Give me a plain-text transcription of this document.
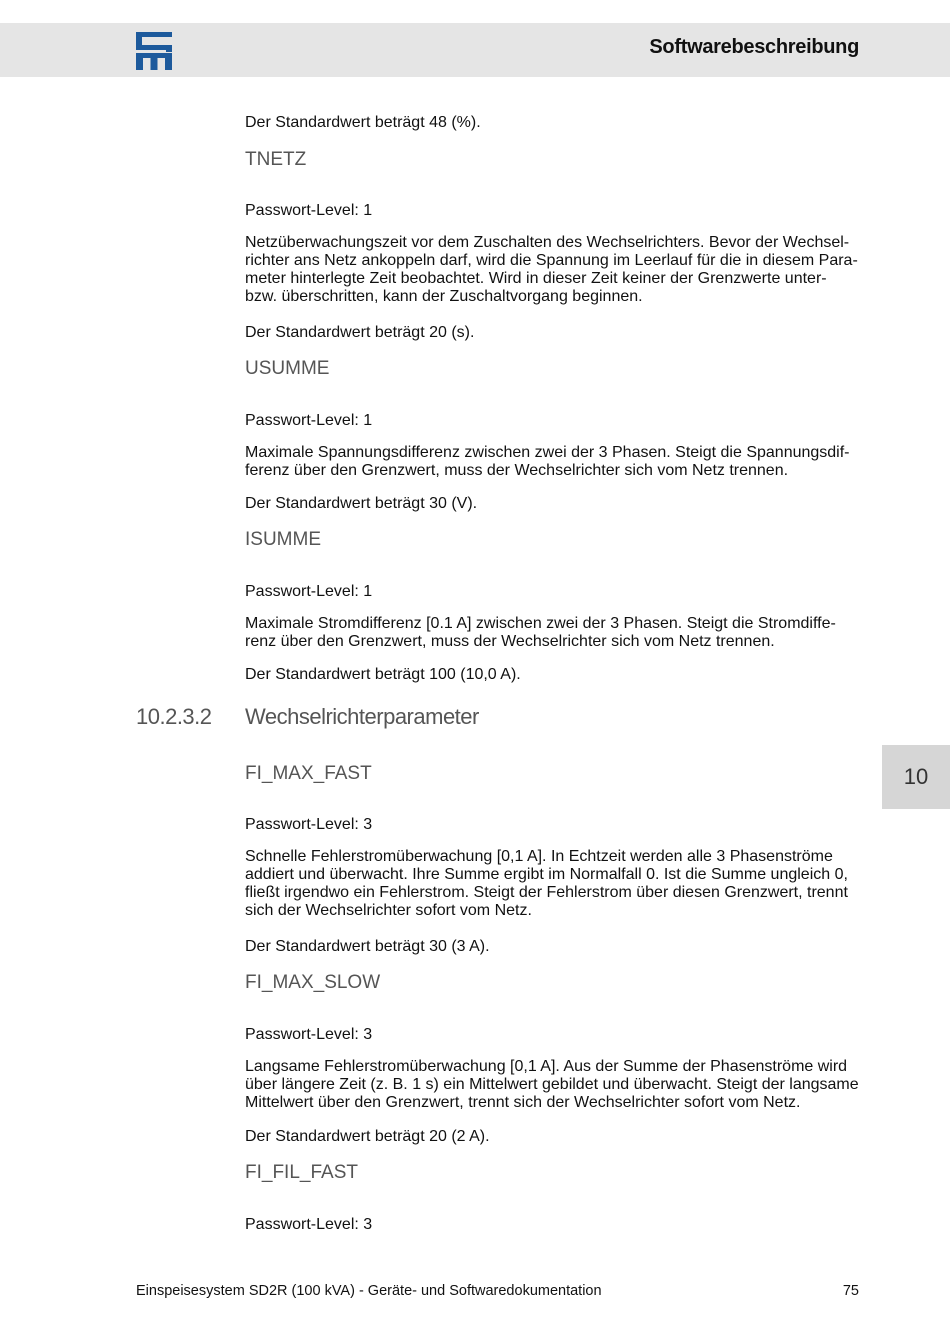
Softwarebeschreibung

Der Standardwert beträgt 48 (%).

TNETZ

Passwort-Level: 1

Netzüberwachungszeit vor dem Zuschalten des Wechselrichters. Bevor der Wechsel-richter ans Netz ankoppeln darf, wird die Spannung im Leerlauf für die in diesem Para-meter hinterlegte Zeit beobachtet. Wird in dieser Zeit keiner der Grenzwerte unter- bzw. überschritten, kann der Zuschaltvorgang beginnen.

Der Standardwert beträgt 20 (s).

USUMME

Passwort-Level: 1

Maximale Spannungsdifferenz zwischen zwei der 3 Phasen. Steigt die Spannungsdif-ferenz über den Grenzwert, muss der Wechselrichter sich vom Netz trennen.

Der Standardwert beträgt 30 (V).

ISUMME

Passwort-Level: 1

Maximale Stromdifferenz [0.1 A] zwischen zwei der 3 Phasen. Steigt die Stromdiffe-renz über den Grenzwert, muss der Wechselrichter sich vom Netz trennen.

Der Standardwert beträgt 100 (10,0 A).

10.2.3.2 Wechselrichterparameter
FI_MAX_FAST

Passwort-Level: 3

Schnelle Fehlerstromüberwachung [0,1 A]. In Echtzeit werden alle 3 Phasenströme addiert und überwacht. Ihre Summe ergibt im Normalfall 0. Ist die Summe ungleich 0, fließt irgendwo ein Fehlerstrom. Steigt der Fehlerstrom über diesen Grenzwert, trennt sich der Wechselrichter sofort vom Netz.

Der Standardwert beträgt 30 (3 A).

FI_MAX_SLOW

Passwort-Level: 3

Langsame Fehlerstromüberwachung [0,1 A]. Aus der Summe der Phasenströme wird über längere Zeit (z. B. 1 s) ein Mittelwert gebildet und überwacht. Steigt der langsame Mittelwert über den Grenzwert, trennt sich der Wechselrichter sofort vom Netz.

Der Standardwert beträgt 20 (2 A).

FI_FIL_FAST

Passwort-Level: 3

10
Einspeisesystem SD2R (100 kVA) - Geräte- und Softwaredokumentation	75
